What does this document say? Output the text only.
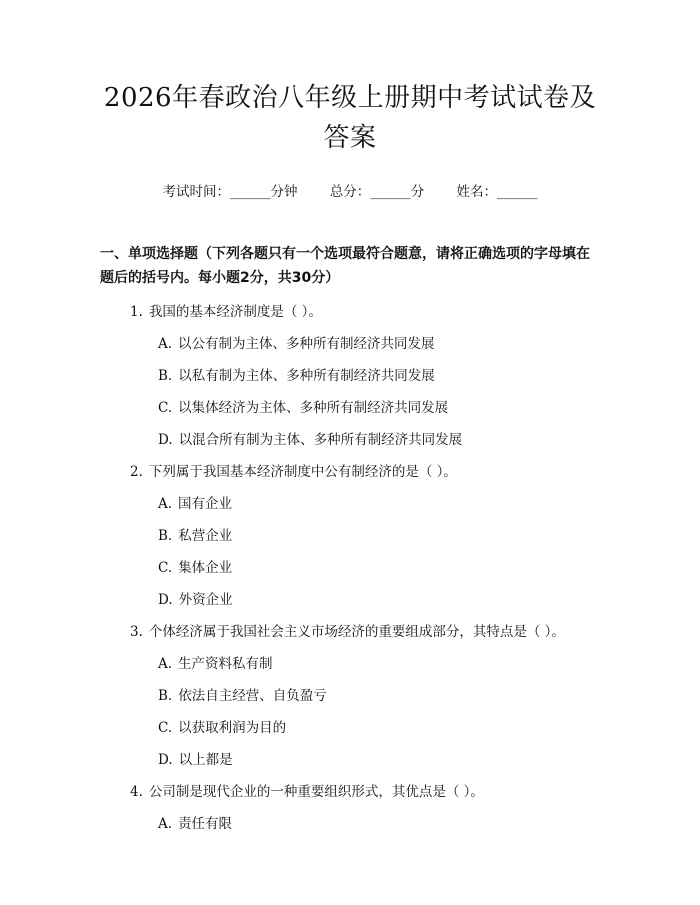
2026年春政治八年级上册期中考试试卷及答案
考试时间：______分钟 总分：______分 姓名：______
一、单项选择题（下列各题只有一个选项最符合题意，请将正确选项的字母填在
题后的括号内。每小题2分，共30分）
1. 我国的基本经济制度是（ ）。
A. 以公有制为主体、多种所有制经济共同发展
B. 以私有制为主体、多种所有制经济共同发展
C. 以集体经济为主体、多种所有制经济共同发展
D. 以混合所有制为主体、多种所有制经济共同发展
2. 下列属于我国基本经济制度中公有制经济的是（ ）。
A. 国有企业
B. 私营企业
C. 集体企业
D. 外资企业
3. 个体经济属于我国社会主义市场经济的重要组成部分，其特点是（ ）。
A. 生产资料私有制
B. 依法自主经营、自负盈亏
C. 以获取利润为目的
D. 以上都是
4. 公司制是现代企业的一种重要组织形式，其优点是（ ）。
A. 责任有限
